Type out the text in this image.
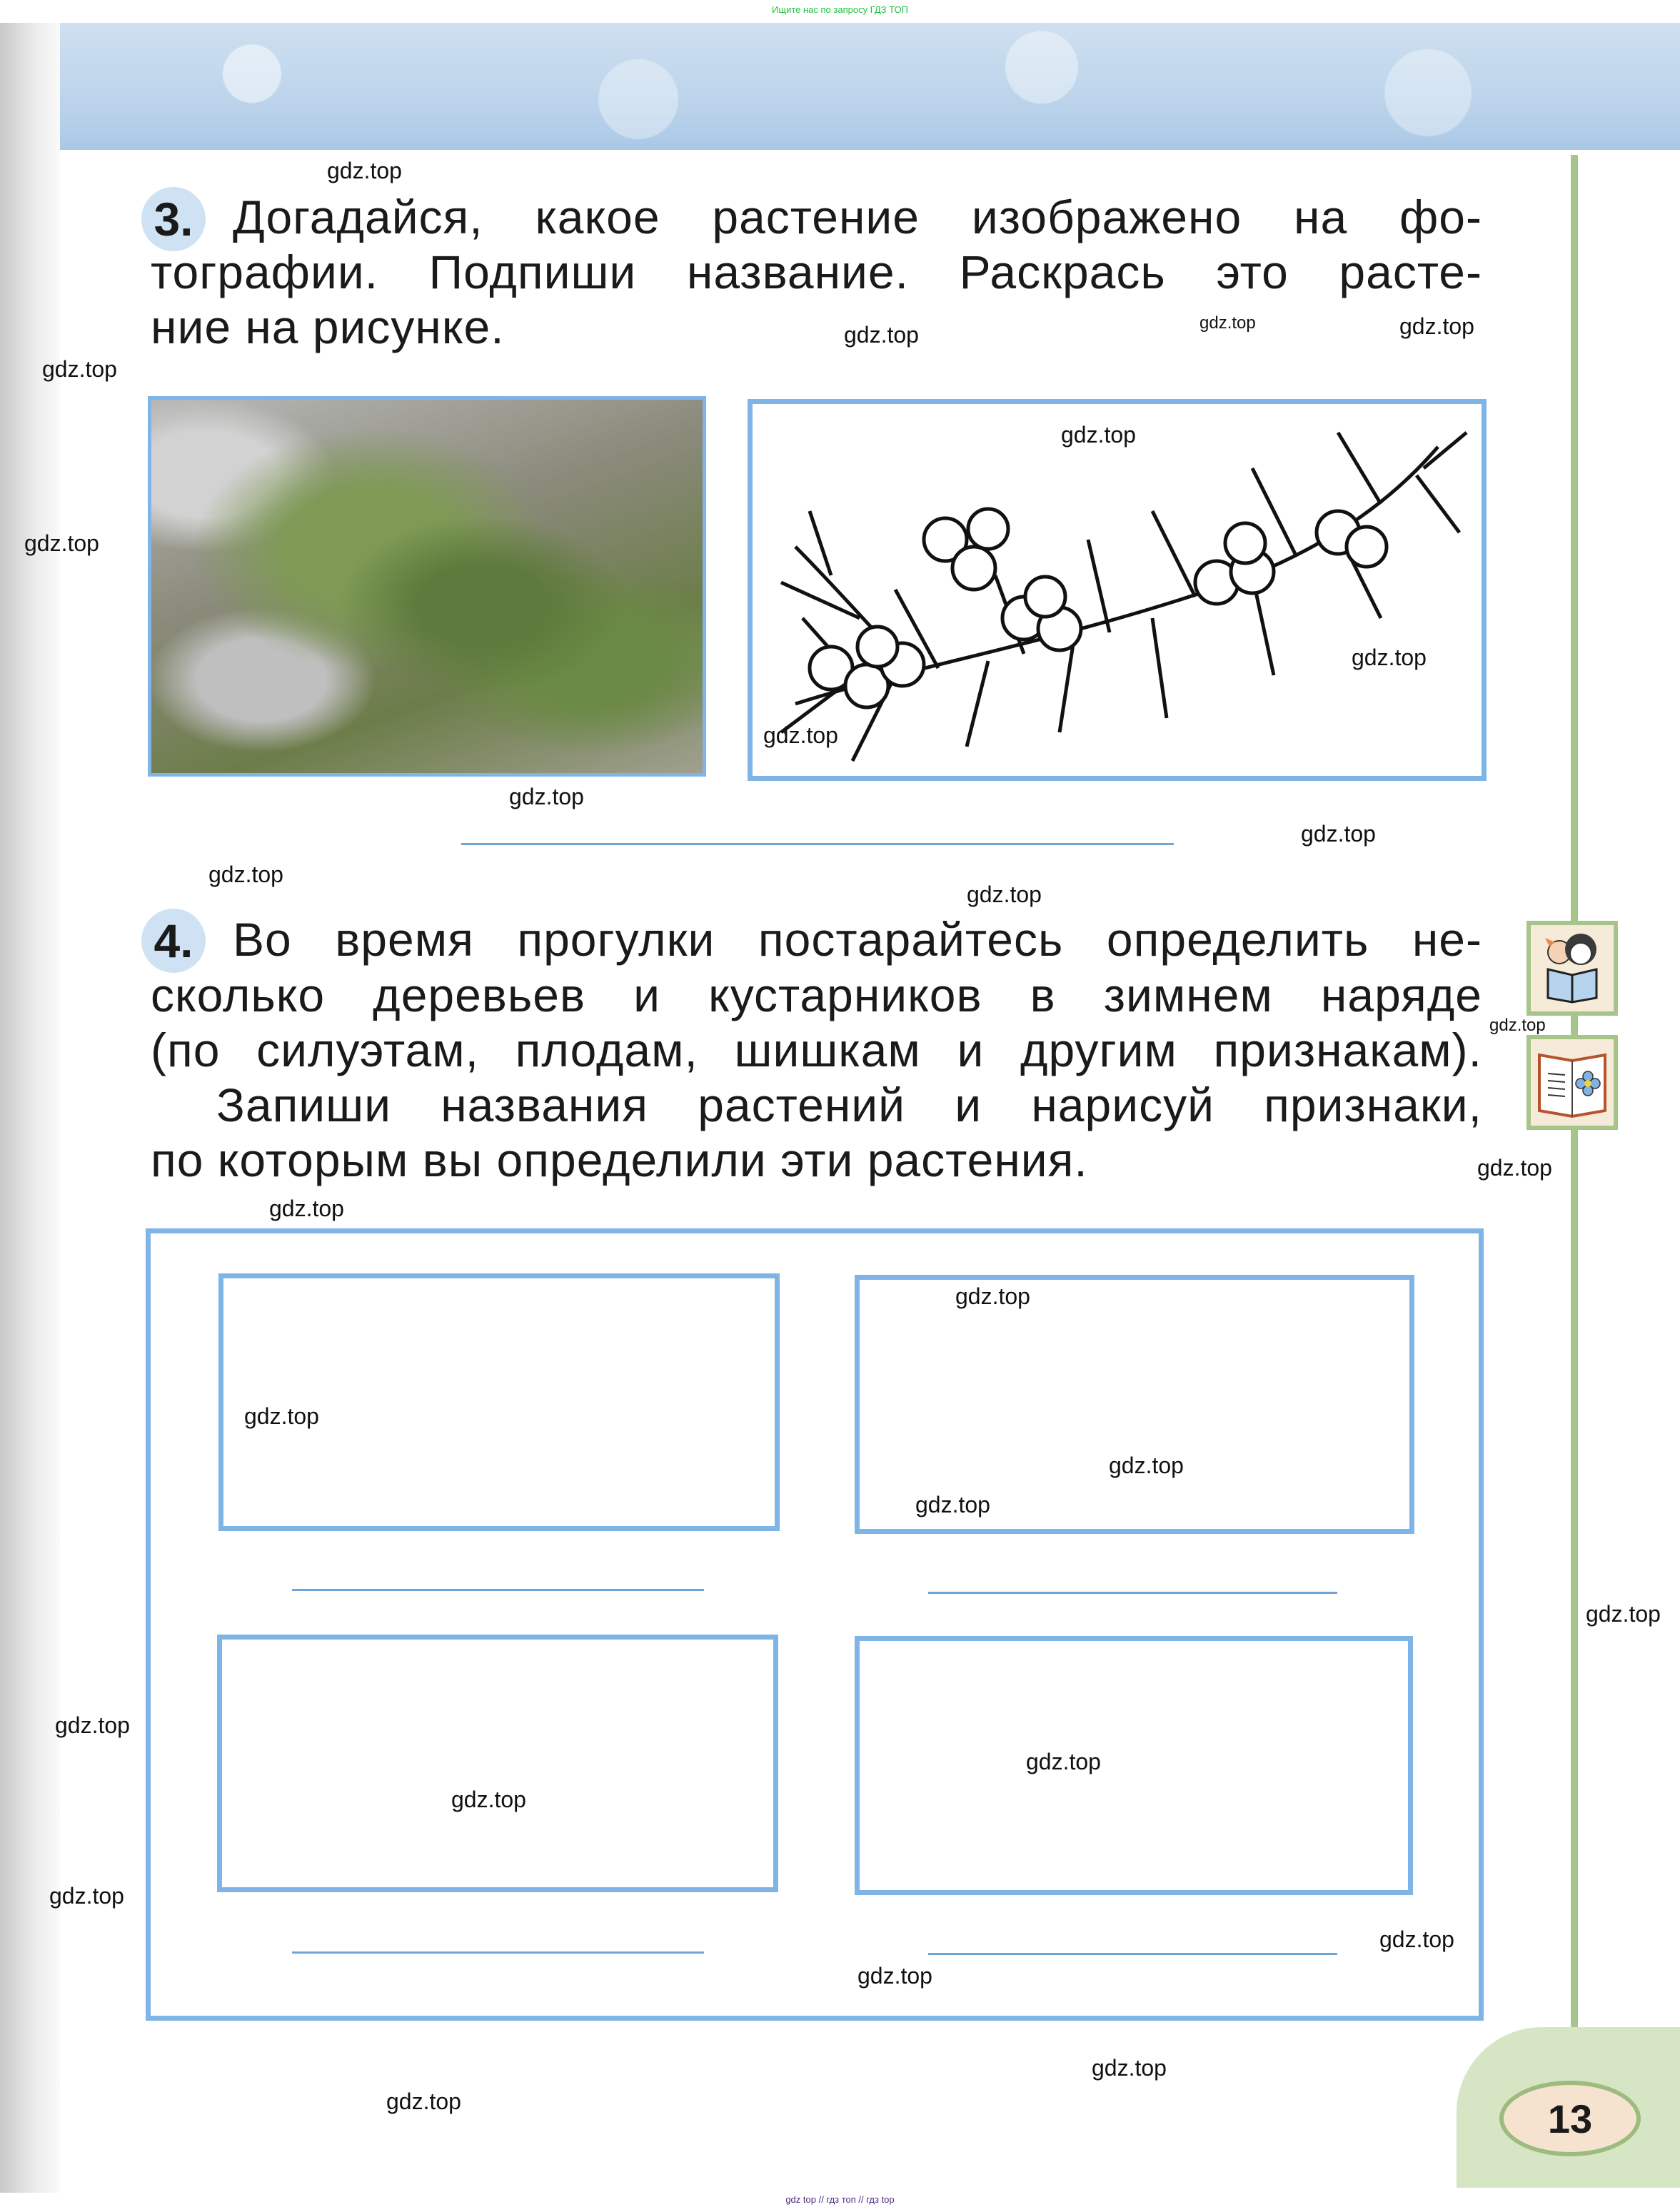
Ищите нас по запросу ГДЗ ТОП
3. Догадайся, какое растение изображено на фо-
тографии. Подпиши название. Раскрась это расте-
ние на рисунке.
4. Во время прогулки постарайтесь определить не-
сколько деревьев и кустарников в зимнем наряде
(по силуэтам, плодам, шишкам и другим признакам).
Запиши названия растений и нарисуй признаки,
по которым вы определили эти растения.
13
gdz.top
gdz.top	gdz.top
gdz.top
gdz.top
gdz.top
gdz.top
gdz.top
gdz.top
gdz.top
gdz.top
gdz.top
gdz.top
gdz.top
gdz.top
gdz.top
gdz.top
gdz.top
gdz.top
gdz.top
gdz.top
gdz.top
gdz.top
gdz.top
gdz.top
gdz.top
gdz.top
gdz.top
gdz.top
gdz top // гдз топ // гдз top
